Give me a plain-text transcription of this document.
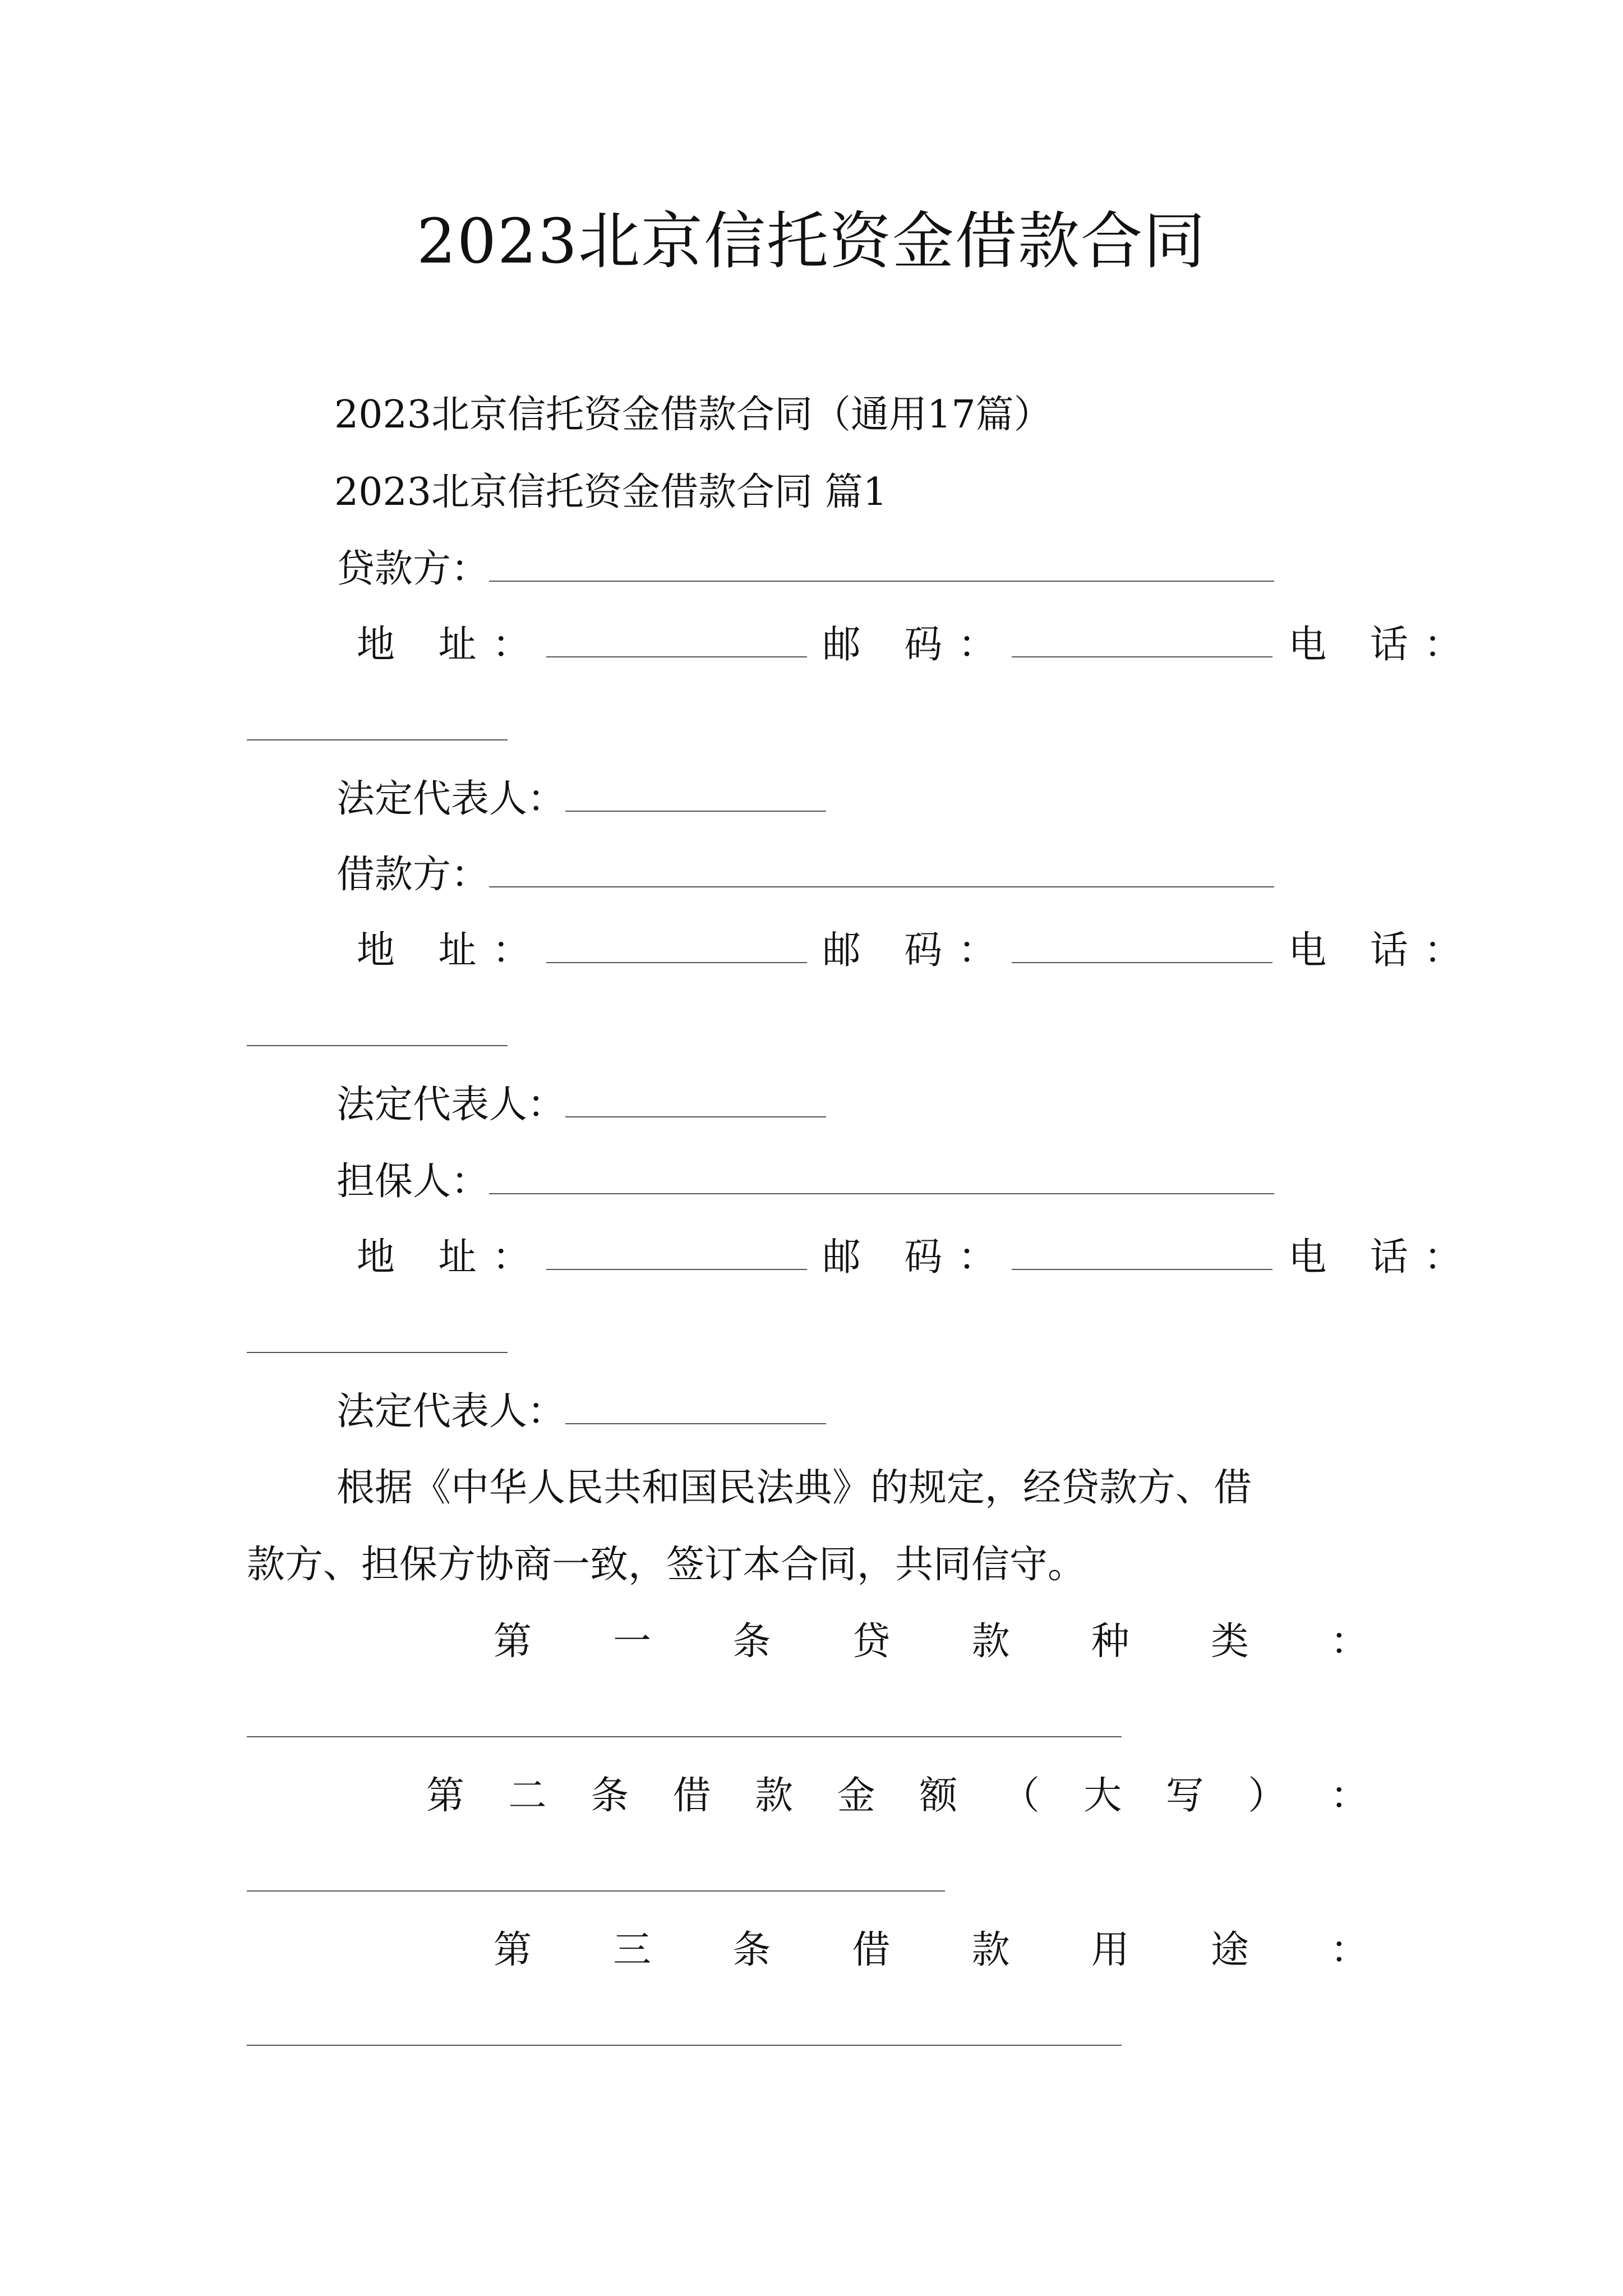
2023北京信托资金借款合同
2023北京信托资金借款合同（通用17篇）
2023北京信托资金借款合同 篇1
贷款方：
地 址：	邮 码：	电 话：
法定代表人：
借款方：
地 址：	邮 码：	电 话：
法定代表人：
担保人：
地 址：	邮 码：	电 话：
法定代表人：
根据《中华人民共和国民法典》的规定，经贷款方、借
款方、担保方协商一致，签订本合同，共同信守。
第 一 条 贷 款 种 类 ：
第 二 条 借 款 金 额 （ 大 写 ） ：
第 三 条 借 款 用 途 ：
